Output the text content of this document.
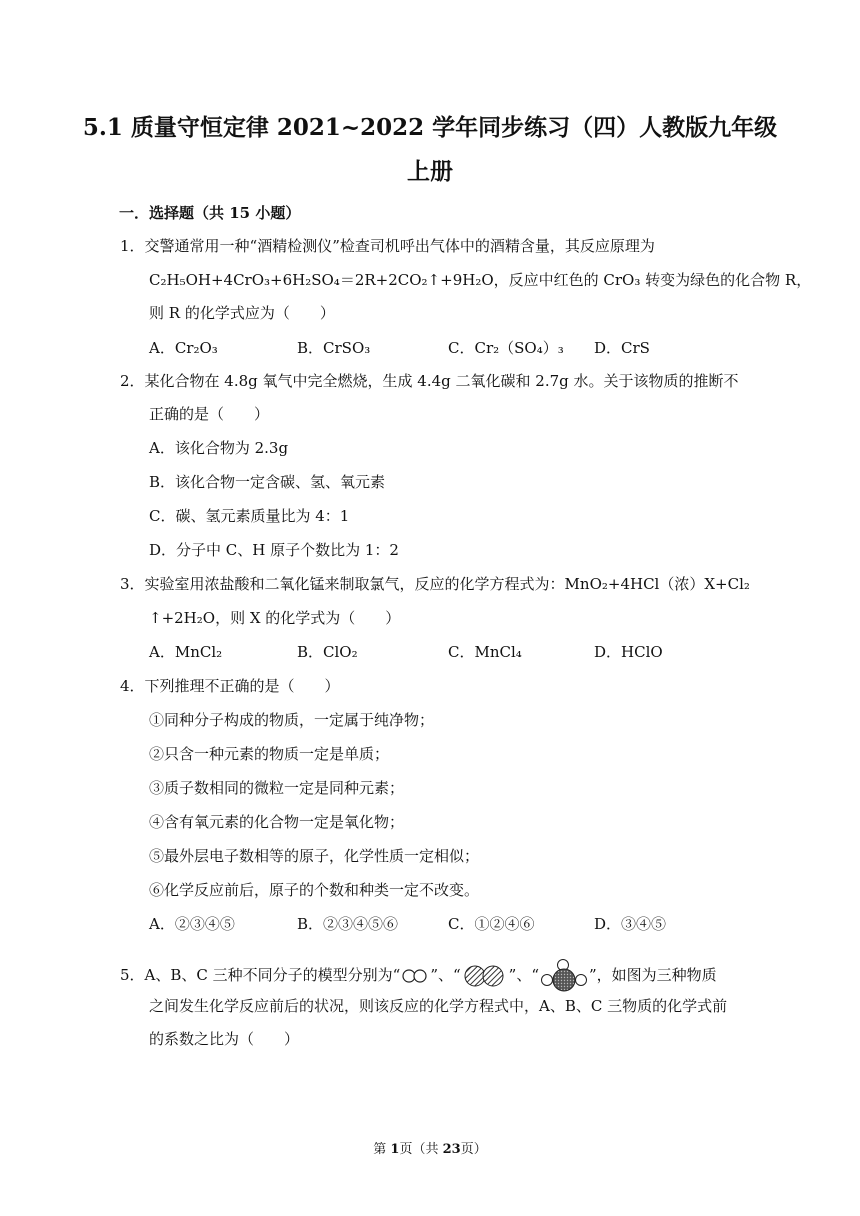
5.1 质量守恒定律 2021~2022 学年同步练习（四）人教版九年级
上册
一．选择题（共 15 小题）
1．交警通常用一种“酒精检测仪”检查司机呼出气体中的酒精含量，其反应原理为
C₂H₅OH+4CrO₃+6H₂SO₄＝2R+2CO₂↑+9H₂O，反应中红色的 CrO₃ 转变为绿色的化合物 R，
则 R 的化学式应为（　　）
A．Cr₂O₃	B．CrSO₃	C．Cr₂（SO₄）₃ D．CrS
2．某化合物在 4.8g 氧气中完全燃烧，生成 4.4g 二氧化碳和 2.7g 水。关于该物质的推断不
正确的是（　　）
A．该化合物为 2.3g
B．该化合物一定含碳、氢、氧元素
C．碳、氢元素质量比为 4：1
D．分子中 C、H 原子个数比为 1：2
3．实验室用浓盐酸和二氧化锰来制取氯气，反应的化学方程式为：MnO₂+4HCl（浓）X+Cl₂
↑+2H₂O，则 X 的化学式为（　　）
A．MnCl₂	B．ClO₂	C．MnCl₄	D．HClO
4．下列推理不正确的是（　　）
①同种分子构成的物质，一定属于纯净物；
②只含一种元素的物质一定是单质；
③质子数相同的微粒一定是同种元素；
④含有氧元素的化合物一定是氧化物；
⑤最外层电子数相等的原子，化学性质一定相似；
⑥化学反应前后，原子的个数和种类一定不改变。
A．②③④⑤	B．②③④⑤⑥	C．①②④⑥	D．③④⑤
5．A、B、C 三种不同分子的模型分别为“ ”、“	”、“	”，如图为三种物质
之间发生化学反应前后的状况，则该反应的化学方程式中，A、B、C 三物质的化学式前
的系数之比为（　　）
第 1页（共 23页）
